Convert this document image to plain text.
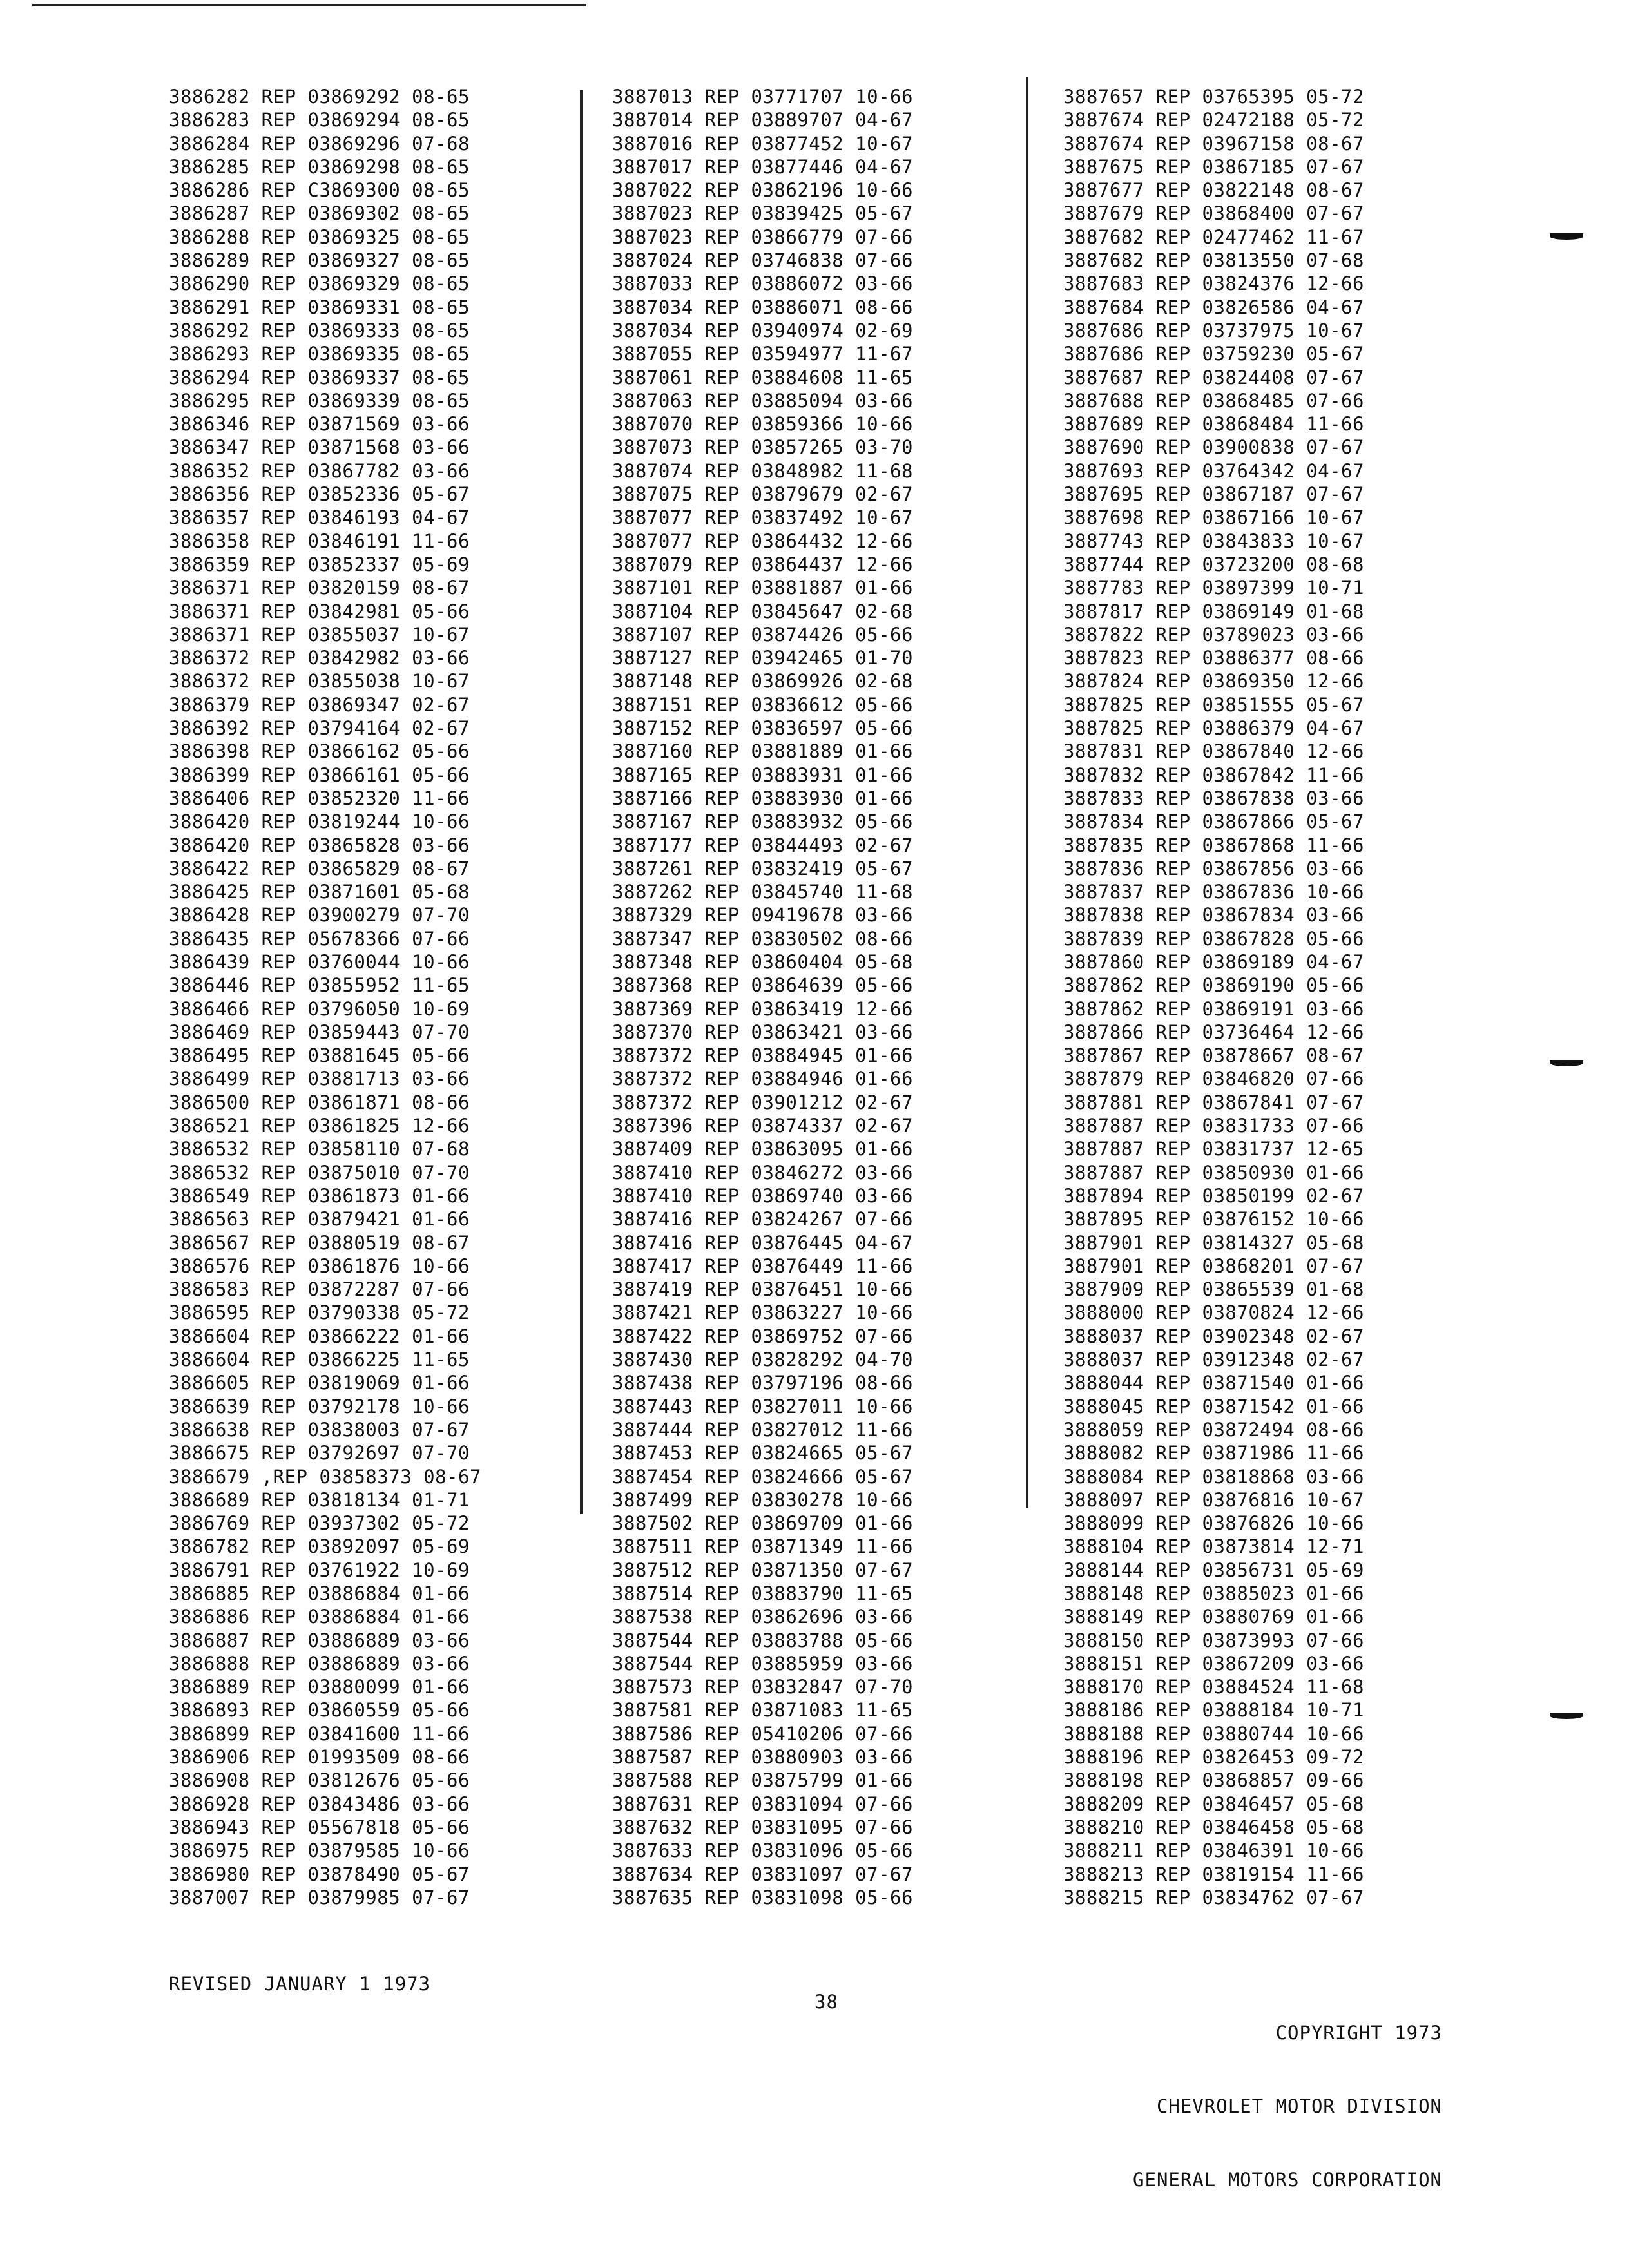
3886282 REP 03869292 08-65
3886283 REP 03869294 08-65
3886284 REP 03869296 07-68
3886285 REP 03869298 08-65
3886286 REP C3869300 08-65
3886287 REP 03869302 08-65
3886288 REP 03869325 08-65
3886289 REP 03869327 08-65
3886290 REP 03869329 08-65
3886291 REP 03869331 08-65
3886292 REP 03869333 08-65
3886293 REP 03869335 08-65
3886294 REP 03869337 08-65
3886295 REP 03869339 08-65
3886346 REP 03871569 03-66
3886347 REP 03871568 03-66
3886352 REP 03867782 03-66
3886356 REP 03852336 05-67
3886357 REP 03846193 04-67
3886358 REP 03846191 11-66
3886359 REP 03852337 05-69
3886371 REP 03820159 08-67
3886371 REP 03842981 05-66
3886371 REP 03855037 10-67
3886372 REP 03842982 03-66
3886372 REP 03855038 10-67
3886379 REP 03869347 02-67
3886392 REP 03794164 02-67
3886398 REP 03866162 05-66
3886399 REP 03866161 05-66
3886406 REP 03852320 11-66
3886420 REP 03819244 10-66
3886420 REP 03865828 03-66
3886422 REP 03865829 08-67
3886425 REP 03871601 05-68
3886428 REP 03900279 07-70
3886435 REP 05678366 07-66
3886439 REP 03760044 10-66
3886446 REP 03855952 11-65
3886466 REP 03796050 10-69
3886469 REP 03859443 07-70
3886495 REP 03881645 05-66
3886499 REP 03881713 03-66
3886500 REP 03861871 08-66
3886521 REP 03861825 12-66
3886532 REP 03858110 07-68
3886532 REP 03875010 07-70
3886549 REP 03861873 01-66
3886563 REP 03879421 01-66
3886567 REP 03880519 08-67
3886576 REP 03861876 10-66
3886583 REP 03872287 07-66
3886595 REP 03790338 05-72
3886604 REP 03866222 01-66
3886604 REP 03866225 11-65
3886605 REP 03819069 01-66
3886639 REP 03792178 10-66
3886638 REP 03838003 07-67
3886675 REP 03792697 07-70
3886679 ,REP 03858373 08-67
3886689 REP 03818134 01-71
3886769 REP 03937302 05-72
3886782 REP 03892097 05-69
3886791 REP 03761922 10-69
3886885 REP 03886884 01-66
3886886 REP 03886884 01-66
3886887 REP 03886889 03-66
3886888 REP 03886889 03-66
3886889 REP 03880099 01-66
3886893 REP 03860559 05-66
3886899 REP 03841600 11-66
3886906 REP 01993509 08-66
3886908 REP 03812676 05-66
3886928 REP 03843486 03-66
3886943 REP 05567818 05-66
3886975 REP 03879585 10-66
3886980 REP 03878490 05-67
3887007 REP 03879985 07-67
3887013 REP 03771707 10-66
3887014 REP 03889707 04-67
3887016 REP 03877452 10-67
3887017 REP 03877446 04-67
3887022 REP 03862196 10-66
3887023 REP 03839425 05-67
3887023 REP 03866779 07-66
3887024 REP 03746838 07-66
3887033 REP 03886072 03-66
3887034 REP 03886071 08-66
3887034 REP 03940974 02-69
3887055 REP 03594977 11-67
3887061 REP 03884608 11-65
3887063 REP 03885094 03-66
3887070 REP 03859366 10-66
3887073 REP 03857265 03-70
3887074 REP 03848982 11-68
3887075 REP 03879679 02-67
3887077 REP 03837492 10-67
3887077 REP 03864432 12-66
3887079 REP 03864437 12-66
3887101 REP 03881887 01-66
3887104 REP 03845647 02-68
3887107 REP 03874426 05-66
3887127 REP 03942465 01-70
3887148 REP 03869926 02-68
3887151 REP 03836612 05-66
3887152 REP 03836597 05-66
3887160 REP 03881889 01-66
3887165 REP 03883931 01-66
3887166 REP 03883930 01-66
3887167 REP 03883932 05-66
3887177 REP 03844493 02-67
3887261 REP 03832419 05-67
3887262 REP 03845740 11-68
3887329 REP 09419678 03-66
3887347 REP 03830502 08-66
3887348 REP 03860404 05-68
3887368 REP 03864639 05-66
3887369 REP 03863419 12-66
3887370 REP 03863421 03-66
3887372 REP 03884945 01-66
3887372 REP 03884946 01-66
3887372 REP 03901212 02-67
3887396 REP 03874337 02-67
3887409 REP 03863095 01-66
3887410 REP 03846272 03-66
3887410 REP 03869740 03-66
3887416 REP 03824267 07-66
3887416 REP 03876445 04-67
3887417 REP 03876449 11-66
3887419 REP 03876451 10-66
3887421 REP 03863227 10-66
3887422 REP 03869752 07-66
3887430 REP 03828292 04-70
3887438 REP 03797196 08-66
3887443 REP 03827011 10-66
3887444 REP 03827012 11-66
3887453 REP 03824665 05-67
3887454 REP 03824666 05-67
3887499 REP 03830278 10-66
3887502 REP 03869709 01-66
3887511 REP 03871349 11-66
3887512 REP 03871350 07-67
3887514 REP 03883790 11-65
3887538 REP 03862696 03-66
3887544 REP 03883788 05-66
3887544 REP 03885959 03-66
3887573 REP 03832847 07-70
3887581 REP 03871083 11-65
3887586 REP 05410206 07-66
3887587 REP 03880903 03-66
3887588 REP 03875799 01-66
3887631 REP 03831094 07-66
3887632 REP 03831095 07-66
3887633 REP 03831096 05-66
3887634 REP 03831097 07-67
3887635 REP 03831098 05-66
3887657 REP 03765395 05-72
3887674 REP 02472188 05-72
3887674 REP 03967158 08-67
3887675 REP 03867185 07-67
3887677 REP 03822148 08-67
3887679 REP 03868400 07-67
3887682 REP 02477462 11-67
3887682 REP 03813550 07-68
3887683 REP 03824376 12-66
3887684 REP 03826586 04-67
3887686 REP 03737975 10-67
3887686 REP 03759230 05-67
3887687 REP 03824408 07-67
3887688 REP 03868485 07-66
3887689 REP 03868484 11-66
3887690 REP 03900838 07-67
3887693 REP 03764342 04-67
3887695 REP 03867187 07-67
3887698 REP 03867166 10-67
3887743 REP 03843833 10-67
3887744 REP 03723200 08-68
3887783 REP 03897399 10-71
3887817 REP 03869149 01-68
3887822 REP 03789023 03-66
3887823 REP 03886377 08-66
3887824 REP 03869350 12-66
3887825 REP 03851555 05-67
3887825 REP 03886379 04-67
3887831 REP 03867840 12-66
3887832 REP 03867842 11-66
3887833 REP 03867838 03-66
3887834 REP 03867866 05-67
3887835 REP 03867868 11-66
3887836 REP 03867856 03-66
3887837 REP 03867836 10-66
3887838 REP 03867834 03-66
3887839 REP 03867828 05-66
3887860 REP 03869189 04-67
3887862 REP 03869190 05-66
3887862 REP 03869191 03-66
3887866 REP 03736464 12-66
3887867 REP 03878667 08-67
3887879 REP 03846820 07-66
3887881 REP 03867841 07-67
3887887 REP 03831733 07-66
3887887 REP 03831737 12-65
3887887 REP 03850930 01-66
3887894 REP 03850199 02-67
3887895 REP 03876152 10-66
3887901 REP 03814327 05-68
3887901 REP 03868201 07-67
3887909 REP 03865539 01-68
3888000 REP 03870824 12-66
3888037 REP 03902348 02-67
3888037 REP 03912348 02-67
3888044 REP 03871540 01-66
3888045 REP 03871542 01-66
3888059 REP 03872494 08-66
3888082 REP 03871986 11-66
3888084 REP 03818868 03-66
3888097 REP 03876816 10-67
3888099 REP 03876826 10-66
3888104 REP 03873814 12-71
3888144 REP 03856731 05-69
3888148 REP 03885023 01-66
3888149 REP 03880769 01-66
3888150 REP 03873993 07-66
3888151 REP 03867209 03-66
3888170 REP 03884524 11-68
3888186 REP 03888184 10-71
3888188 REP 03880744 10-66
3888196 REP 03826453 09-72
3888198 REP 03868857 09-66
3888209 REP 03846457 05-68
3888210 REP 03846458 05-68
3888211 REP 03846391 10-66
3888213 REP 03819154 11-66
3888215 REP 03834762 07-67
REVISED JANUARY 1 1973
38

COPYRIGHT 1973

CHEVROLET MOTOR DIVISION

GENERAL MOTORS CORPORATION
